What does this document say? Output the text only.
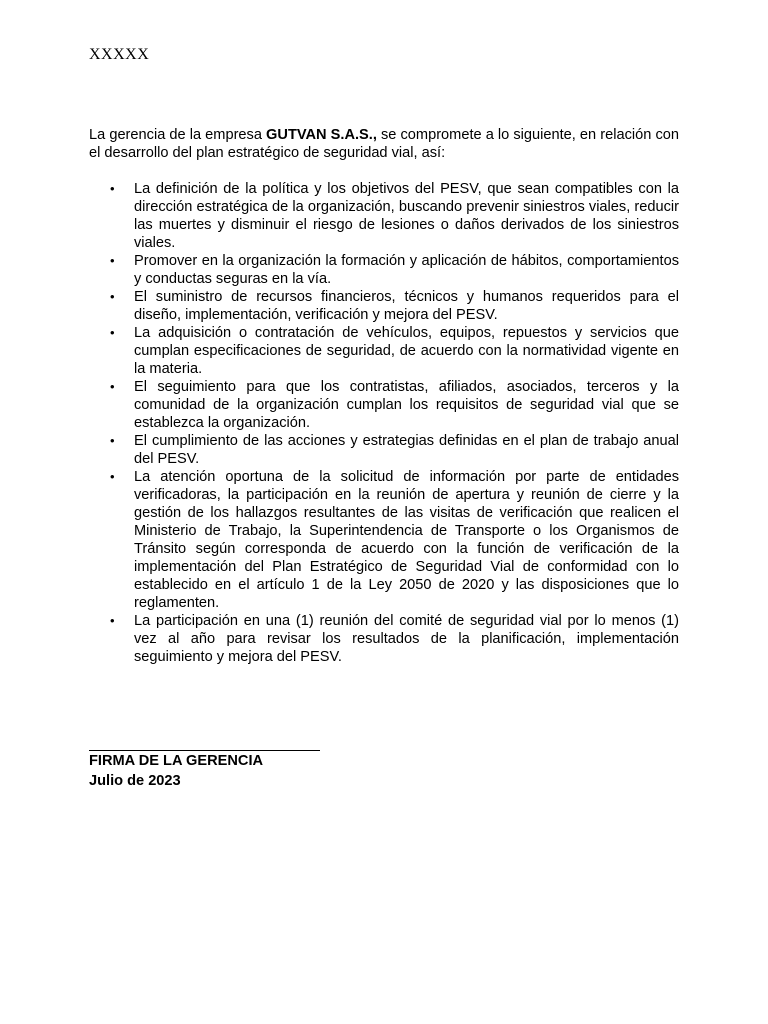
XXXXX

La gerencia de la empresa GUTVAN S.A.S., se compromete a lo siguiente, en relación con el desarrollo del plan estratégico de seguridad vial, así:

• La definición de la política y los objetivos del PESV, que sean compatibles con la dirección estratégica de la organización, buscando prevenir siniestros viales, reducir las muertes y disminuir el riesgo de lesiones o daños derivados de los siniestros viales.
• Promover en la organización la formación y aplicación de hábitos, comportamientos y conductas seguras en la vía.
• El suministro de recursos financieros, técnicos y humanos requeridos para el diseño, implementación, verificación y mejora del PESV.
• La adquisición o contratación de vehículos, equipos, repuestos y servicios que cumplan especificaciones de seguridad, de acuerdo con la normatividad vigente en la materia.
• El seguimiento para que los contratistas, afiliados, asociados, terceros y la comunidad de la organización cumplan los requisitos de seguridad vial que se establezca la organización.
• El cumplimiento de las acciones y estrategias definidas en el plan de trabajo anual del PESV.
• La atención oportuna de la solicitud de información por parte de entidades verificadoras, la participación en la reunión de apertura y reunión de cierre y la gestión de los hallazgos resultantes de las visitas de verificación que realicen el Ministerio de Trabajo, la Superintendencia de Transporte o los Organismos de Tránsito según corresponda de acuerdo con la función de verificación de la implementación del Plan Estratégico de Seguridad Vial de conformidad con lo establecido en el artículo 1 de la Ley 2050 de 2020 y las disposiciones que lo reglamenten.
• La participación en una (1) reunión del comité de seguridad vial por lo menos (1) vez al año para revisar los resultados de la planificación, implementación seguimiento y mejora del PESV.
FIRMA DE LA GERENCIA
Julio de 2023
